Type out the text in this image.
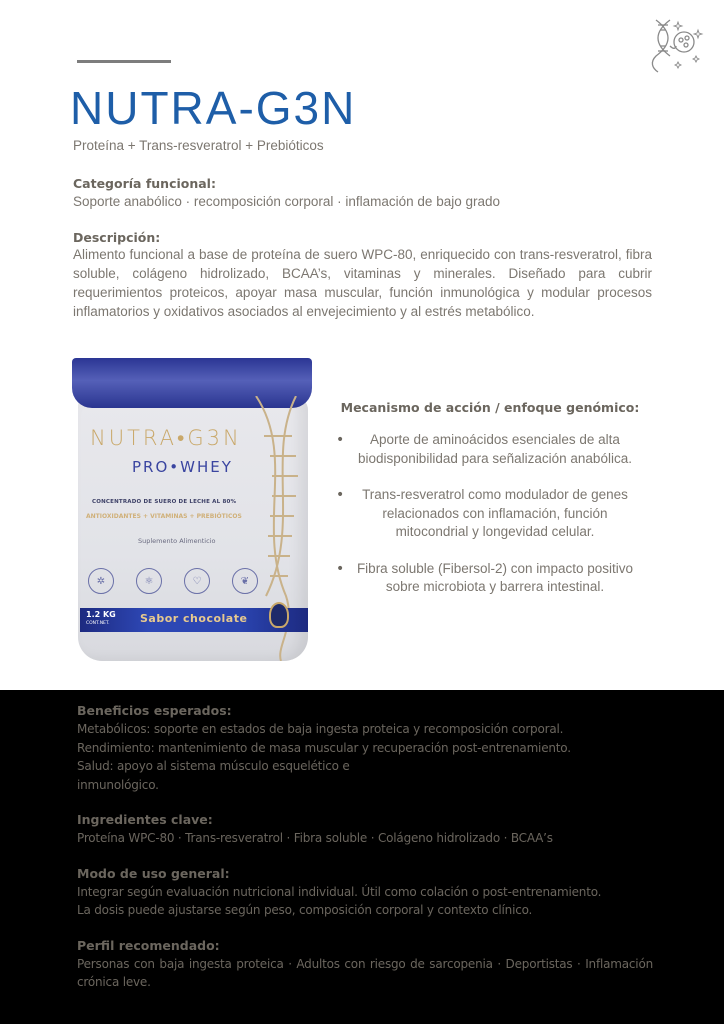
NUTRA-G3N
Proteína + Trans-resveratrol + Prebióticos
Categoría funcional:
Soporte anabólico · recomposición corporal · inflamación de bajo grado
Descripción:
Alimento funcional a base de proteína de suero WPC-80, enriquecido con trans-resveratrol, fibra soluble, colágeno hidrolizado, BCAA’s, vitaminas y minerales. Diseñado para cubrir requerimientos proteicos, apoyar masa muscular, función inmunológica y modular procesos inflamatorios y oxidativos asociados al envejecimiento y al estrés metabólico.
NUTRA•G3N
PRO•WHEY
CONCENTRADO DE SUERO DE LECHE AL 80%
ANTIOXIDANTES + VITAMINAS + PREBIÓTICOS
Suplemento Alimenticio
✲	⚛	♡	❦
1.2 KG
CONT.NET.	Sabor chocolate
Mecanismo de acción / enfoque genómico:
•	Aporte de aminoácidos esenciales de alta biodisponibilidad para señalización anabólica.
•	Trans-resveratrol como modulador de genes relacionados con inflamación, función mitocondrial y longevidad celular.
• Fibra soluble (Fibersol-2) con impacto positivo sobre microbiota y barrera intestinal.
Beneficios esperados:
Metabólicos: soporte en estados de baja ingesta proteica y recomposición corporal.
Rendimiento: mantenimiento de masa muscular y recuperación post-entrenamiento.
Salud: apoyo al sistema músculo esquelético e
inmunológico.
Ingredientes clave:
Proteína WPC-80 · Trans-resveratrol · Fibra soluble · Colágeno hidrolizado · BCAA’s
Modo de uso general:
Integrar según evaluación nutricional individual. Útil como colación o post-entrenamiento.
La dosis puede ajustarse según peso, composición corporal y contexto clínico.
Perfil recomendado:
Personas con baja ingesta proteica · Adultos con riesgo de sarcopenia · Deportistas · Inflamación crónica leve.
